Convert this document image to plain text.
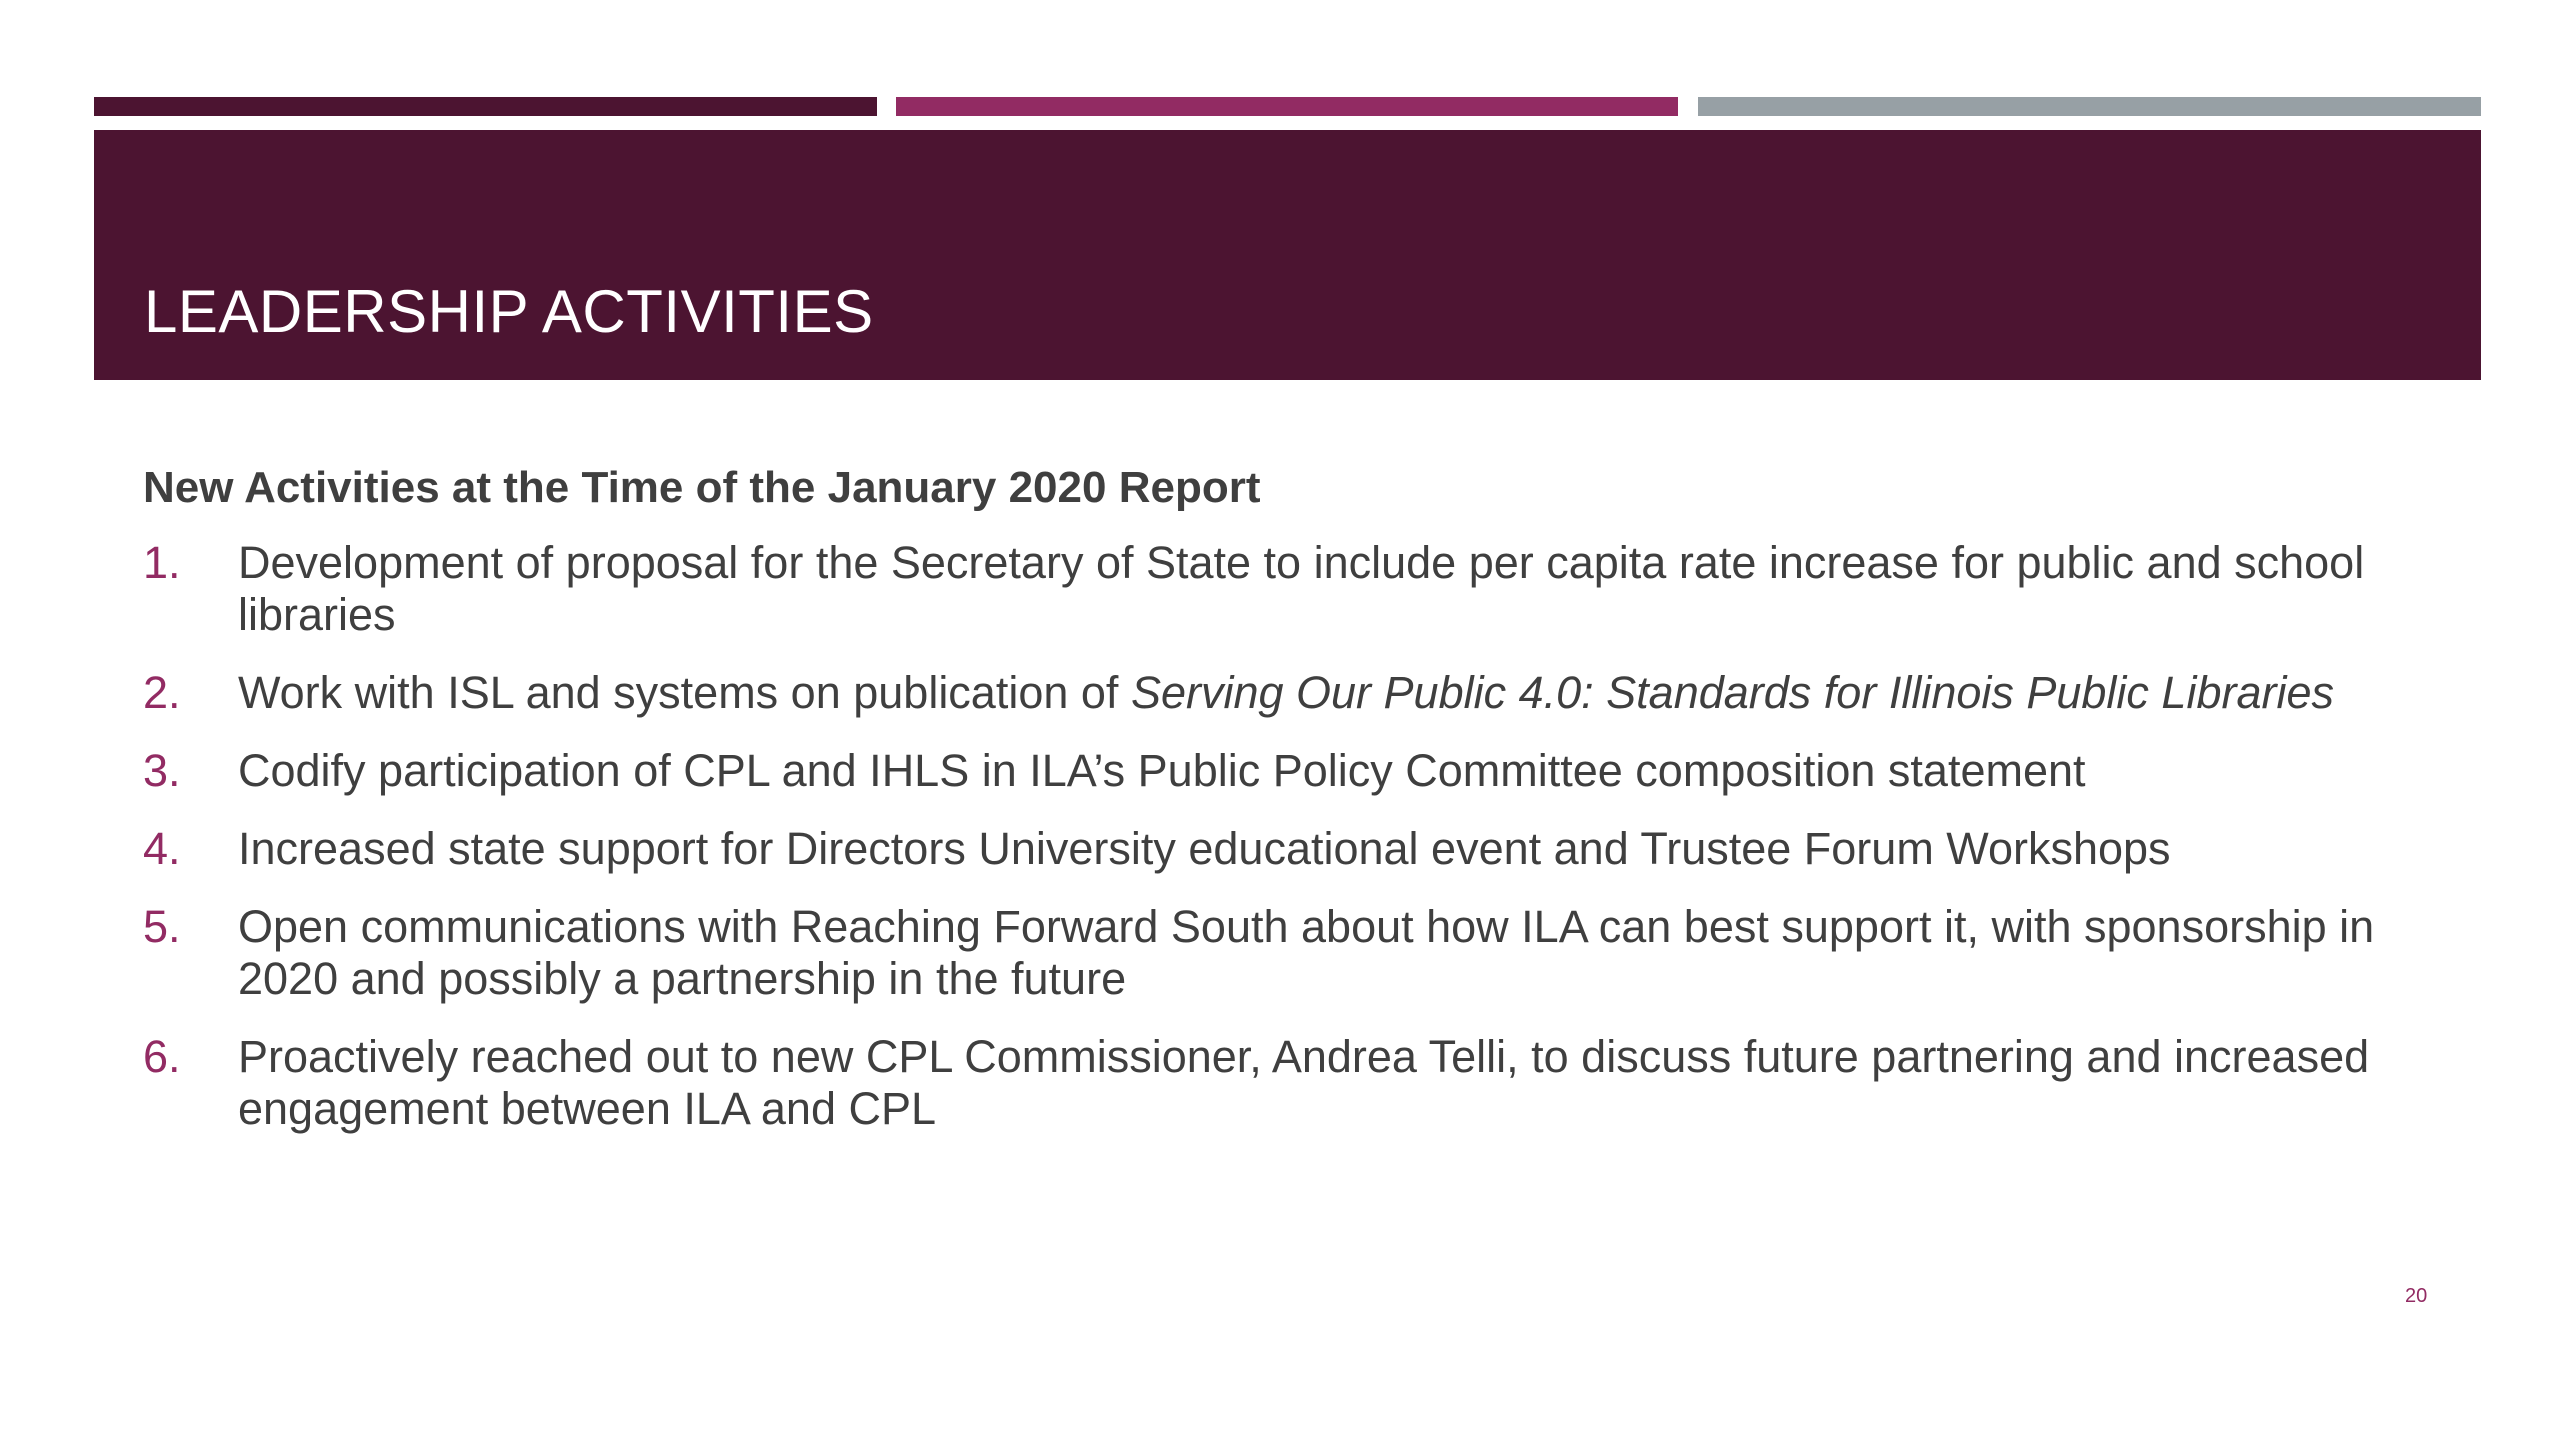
LEADERSHIP ACTIVITIES

New Activities at the Time of the January 2020 Report

1. Development of proposal for the Secretary of State to include per capita rate increase for public and school libraries
2. Work with ISL and systems on publication of Serving Our Public 4.0: Standards for Illinois Public Libraries
3. Codify participation of CPL and IHLS in ILA’s Public Policy Committee composition statement
4. Increased state support for Directors University educational event and Trustee Forum Workshops
5. Open communications with Reaching Forward South about how ILA can best support it, with sponsorship in 2020 and possibly a partnership in the future
6. Proactively reached out to new CPL Commissioner, Andrea Telli, to discuss future partnering and increased engagement between ILA and CPL
20
